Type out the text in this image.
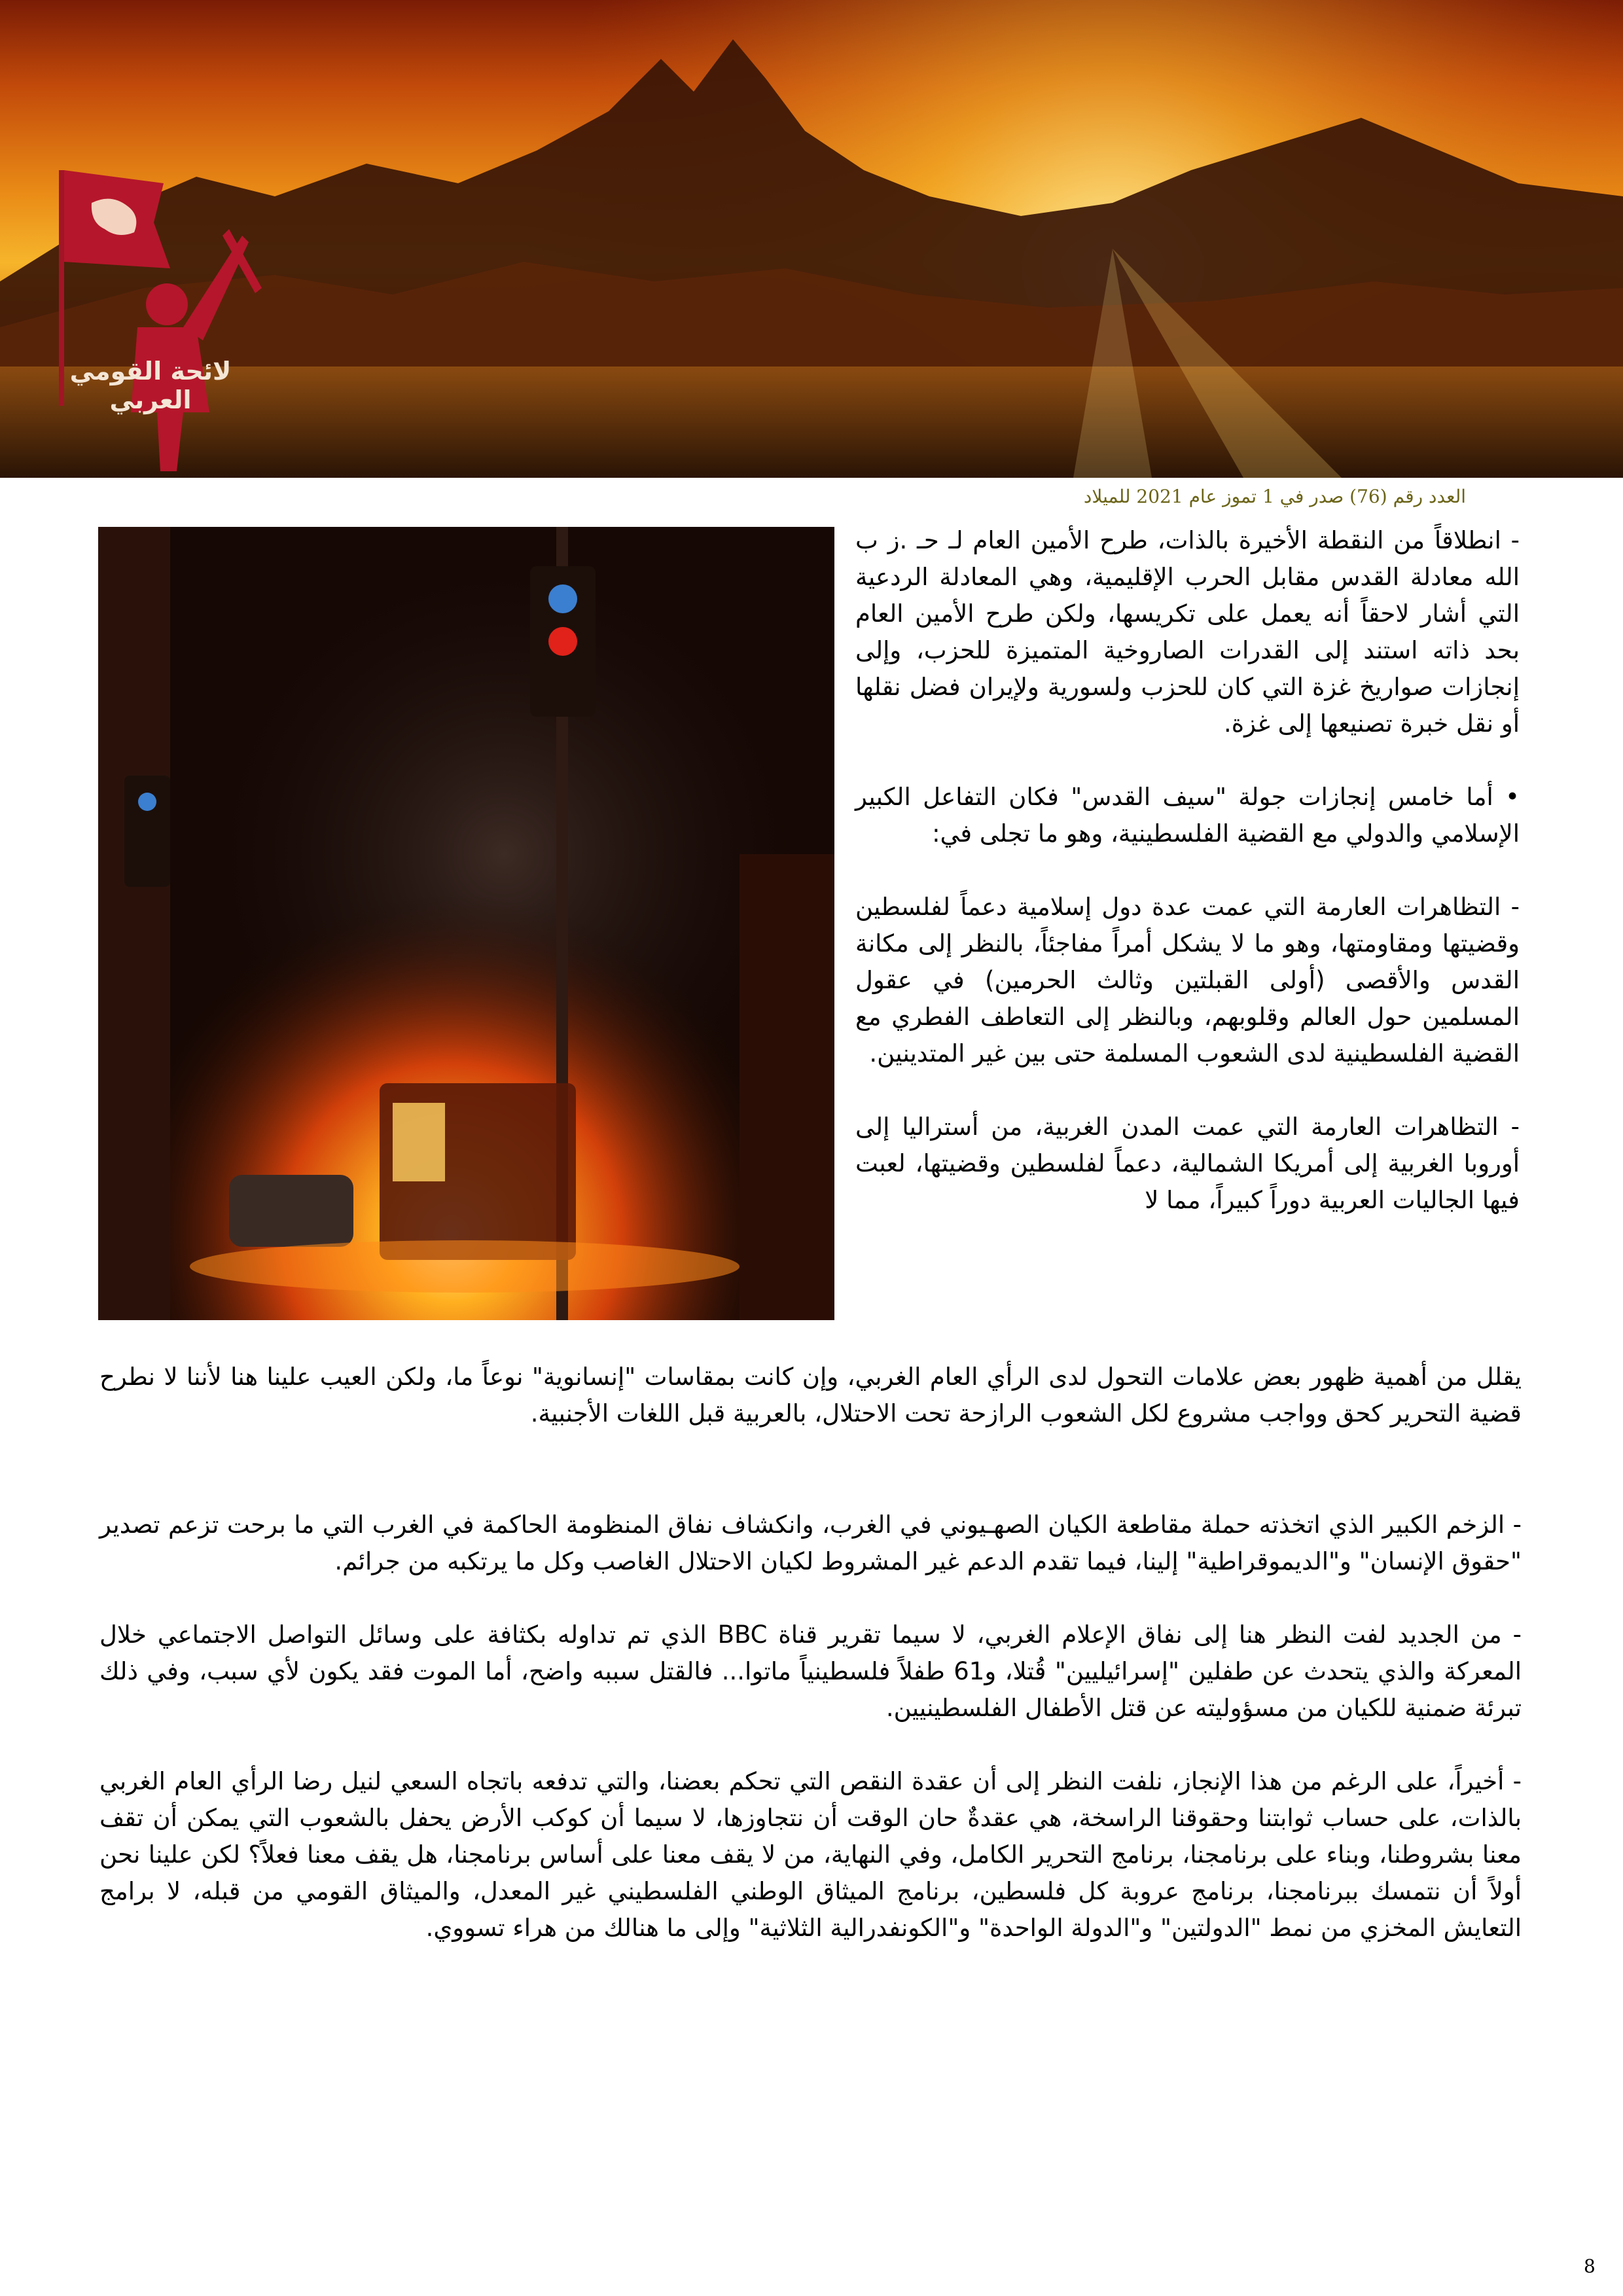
لائحة القومي العربي
العدد رقم (76) صدر في 1 تموز عام 2021 للميلاد

- انطلاقاً من النقطة الأخيرة بالذات، طرح الأمين العام لـ حـ .ز ب الله معادلة القدس مقابل الحرب الإقليمية، وهي المعادلة الردعية التي أشار لاحقاً أنه يعمل على تكريسها، ولكن طرح الأمين العام بحد ذاته استند إلى القدرات الصاروخية المتميزة للحزب، وإلى إنجازات صواريخ غزة التي كان للحزب ولسورية ولإيران فضل نقلها أو نقل خبرة تصنيعها إلى غزة.

• أما خامس إنجازات جولة "سيف القدس" فكان التفاعل الكبير الإسلامي والدولي مع القضية الفلسطينية، وهو ما تجلى في:

- التظاهرات العارمة التي عمت عدة دول إسلامية دعماً لفلسطين وقضيتها ومقاومتها، وهو ما لا يشكل أمراً مفاجئاً، بالنظر إلى مكانة القدس والأقصى (أولى القبلتين وثالث الحرمين) في عقول المسلمين حول العالم وقلوبهم، وبالنظر إلى التعاطف الفطري مع القضية الفلسطينية لدى الشعوب المسلمة حتى بين غير المتدينين.

- التظاهرات العارمة التي عمت المدن الغربية، من أستراليا إلى أوروبا الغربية إلى أمريكا الشمالية، دعماً لفلسطين وقضيتها، لعبت فيها الجاليات العربية دوراً كبيراً، مما لا

يقلل من أهمية ظهور بعض علامات التحول لدى الرأي العام الغربي، وإن كانت بمقاسات "إنسانوية" نوعاً ما، ولكن العيب علينا هنا لأننا لا نطرح قضية التحرير كحق وواجب مشروع لكل الشعوب الرازحة تحت الاحتلال، بالعربية قبل اللغات الأجنبية.

- الزخم الكبير الذي اتخذته حملة مقاطعة الكيان الصهـيوني في الغرب، وانكشاف نفاق المنظومة الحاكمة في الغرب التي ما برحت تزعم تصدير "حقوق الإنسان" و"الديموقراطية" إلينا، فيما تقدم الدعم غير المشروط لكيان الاحتلال الغاصب وكل ما يرتكبه من جرائم.

- من الجديد لفت النظر هنا إلى نفاق الإعلام الغربي، لا سيما تقرير قناة BBC الذي تم تداوله بكثافة على وسائل التواصل الاجتماعي خلال المعركة والذي يتحدث عن طفلين "إسرائيليين" قُتلا، و61 طفلاً فلسطينياً ماتوا... فالقتل سببه واضح، أما الموت فقد يكون لأي سبب، وفي ذلك تبرئة ضمنية للكيان من مسؤوليته عن قتل الأطفال الفلسطينيين.

- أخيراً، على الرغم من هذا الإنجاز، نلفت النظر إلى أن عقدة النقص التي تحكم بعضنا، والتي تدفعه باتجاه السعي لنيل رضا الرأي العام الغربي بالذات، على حساب ثوابتنا وحقوقنا الراسخة، هي عقدةٌ حان الوقت أن نتجاوزها، لا سيما أن كوكب الأرض يحفل بالشعوب التي يمكن أن تقف معنا بشروطنا، وبناء على برنامجنا، برنامج التحرير الكامل، وفي النهاية، من لا يقف معنا على أساس برنامجنا، هل يقف معنا فعلاً؟ لكن علينا نحن أولاً أن نتمسك ببرنامجنا، برنامج عروبة كل فلسطين، برنامج الميثاق الوطني الفلسطيني غير المعدل، والميثاق القومي من قبله، لا برامج التعايش المخزي من نمط "الدولتين" و"الدولة الواحدة" و"الكونفدرالية الثلاثية" وإلى ما هنالك من هراء تسووي.

8
